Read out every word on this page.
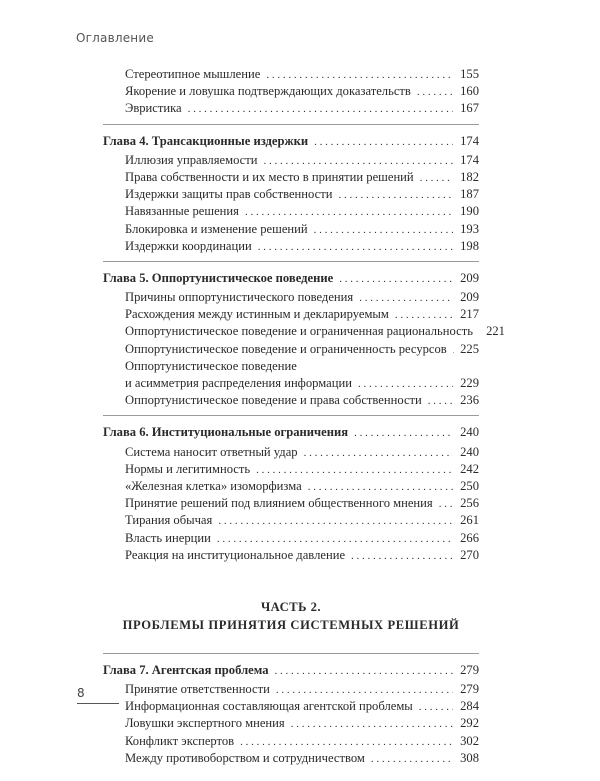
Оглавление
Стереотипное мышление . . .	155
Якорение и ловушка подтверждающих доказательств . . .	160
Эвристика . . .	167
Глава 4. Трансакционные издержки . . .	174
Иллюзия управляемости . . .	174
Права собственности и их место в принятии решений . . .	182
Издержки защиты прав собственности . . .	187
Навязанные решения . . .	190
Блокировка и изменение решений . . .	193
Издержки координации . . .	198
Глава 5. Оппортунистическое поведение . . .	209
Причины оппортунистического поведения . . .	209
Расхождения между истинным и декларируемым . . .	217
Оппортунистическое поведение и ограниченная рациональность 221
Оппортунистическое поведение и ограниченность ресурсов . . . 225
Оппортунистическое поведение
и асимметрия распределения информации . . .	229
Оппортунистическое поведение и права собственности . . .	236
Глава 6. Институциональные ограничения . . .	240
Система наносит ответный удар . . .	240
Нормы и легитимность . . .	242
«Железная клетка» изоморфизма . . .	250
Принятие решений под влиянием общественного мнения . . . 256
Тирания обычая . . .	261
Власть инерции . . .	266
Реакция на институциональное давление . . .	270
ЧАСТЬ 2.
ПРОБЛЕМЫ ПРИНЯТИЯ СИСТЕМНЫХ РЕШЕНИЙ
Глава 7. Агентская проблема . . .	279
Принятие ответственности . . .	279
Информационная составляющая агентской проблемы . . .	284
Ловушки экспертного мнения . . .	292
Конфликт экспертов . . .	302
Между противоборством и сотрудничеством . . .	308
8
